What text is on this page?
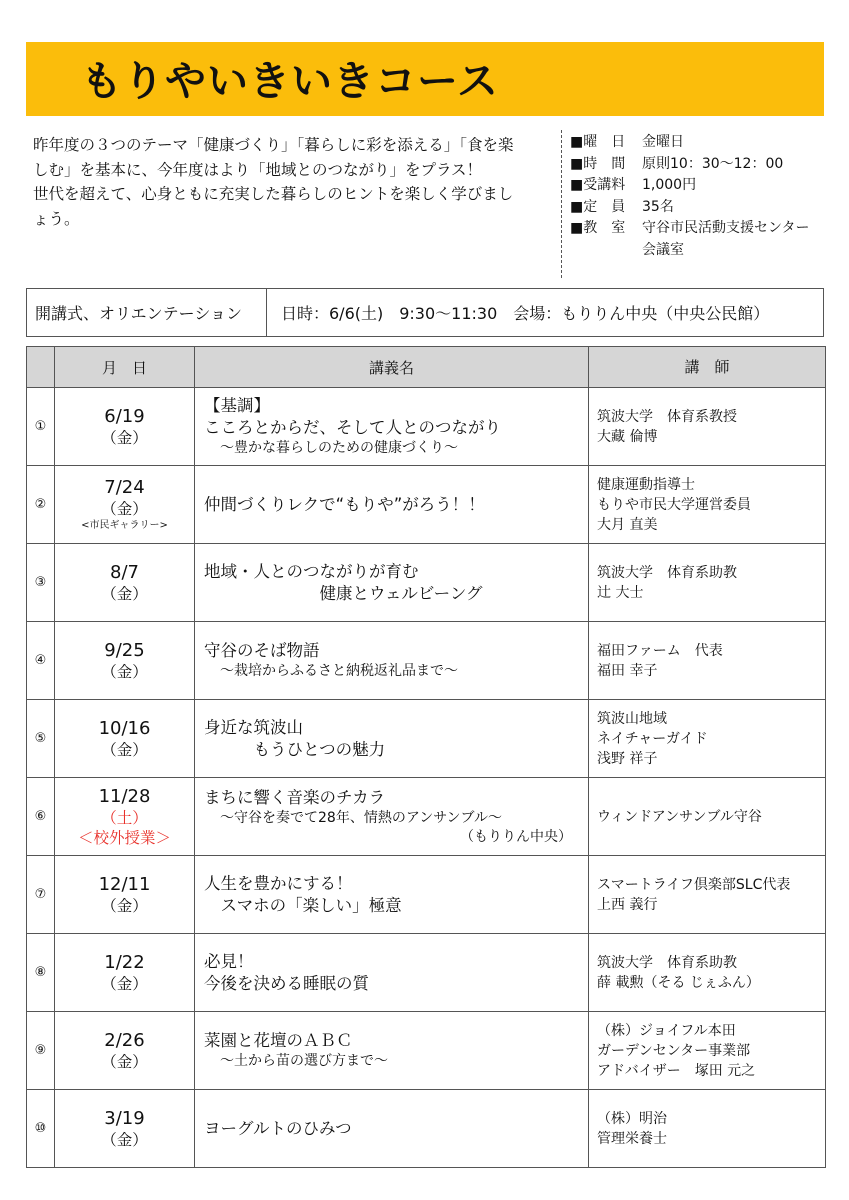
もりやいきいきコース
昨年度の３つのテーマ「健康づくり」「暮らしに彩を添える」「食を楽
しむ」を基本に、今年度はより「地域とのつながり」をプラス！
世代を超えて、心身ともに充実した暮らしのヒントを楽しく学びまし
ょう。
■曜　日	金曜日
■時　間	原則10：30〜12：00
■受講料	1,000円
■定　員	35名
■教　室	守谷市民活動支援センター
会議室
開講式、オリエンテーション	日時：6/6(土)　9:30〜11:30　会場：もりりん中央（中央公民館）
	月　日	講義名	講　師
①	6/19
（金）	【基調】
こころとからだ、そして人とのつながり
〜豊かな暮らしのための健康づくり〜	筑波大学　体育系教授
大藏 倫博

②	7/24
（金）
<市民ギャラリー>	仲間づくりレクで“もりや”がろう！！	健康運動指導士
もりや市民大学運営委員
大月 直美

③	8/7
（金）	地域・人とのつながりが育む
　　　　　　　健康とウェルビーング	筑波大学　体育系助教
辻 大士

④	9/25
（金）	守谷のそば物語
〜栽培からふるさと納税返礼品まで〜	福田ファーム　代表
福田 幸子

⑤	10/16
（金）	身近な筑波山
　　　もうひとつの魅力	筑波山地域
ネイチャーガイド
浅野 祥子

⑥	11/28
（土）
＜校外授業＞	まちに響く音楽のチカラ
〜守谷を奏でて28年、情熱のアンサンブル〜
（もりりん中央）	ウィンドアンサンブル守谷

⑦	12/11
（金）	人生を豊かにする！
　スマホの「楽しい」極意	スマートライフ倶楽部SLC代表
上西 義行

⑧	1/22
（金）	必見！
今後を決める睡眠の質	筑波大学　体育系助教
薛 載勲（そる じぇふん）

⑨	2/26
（金）	菜園と花壇のＡＢＣ
〜土から苗の選び方まで〜	（株）ジョイフル本田
ガーデンセンター事業部
アドバイザー　塚田 元之

⑩	3/19
（金）	ヨーグルトのひみつ	（株）明治
管理栄養士
